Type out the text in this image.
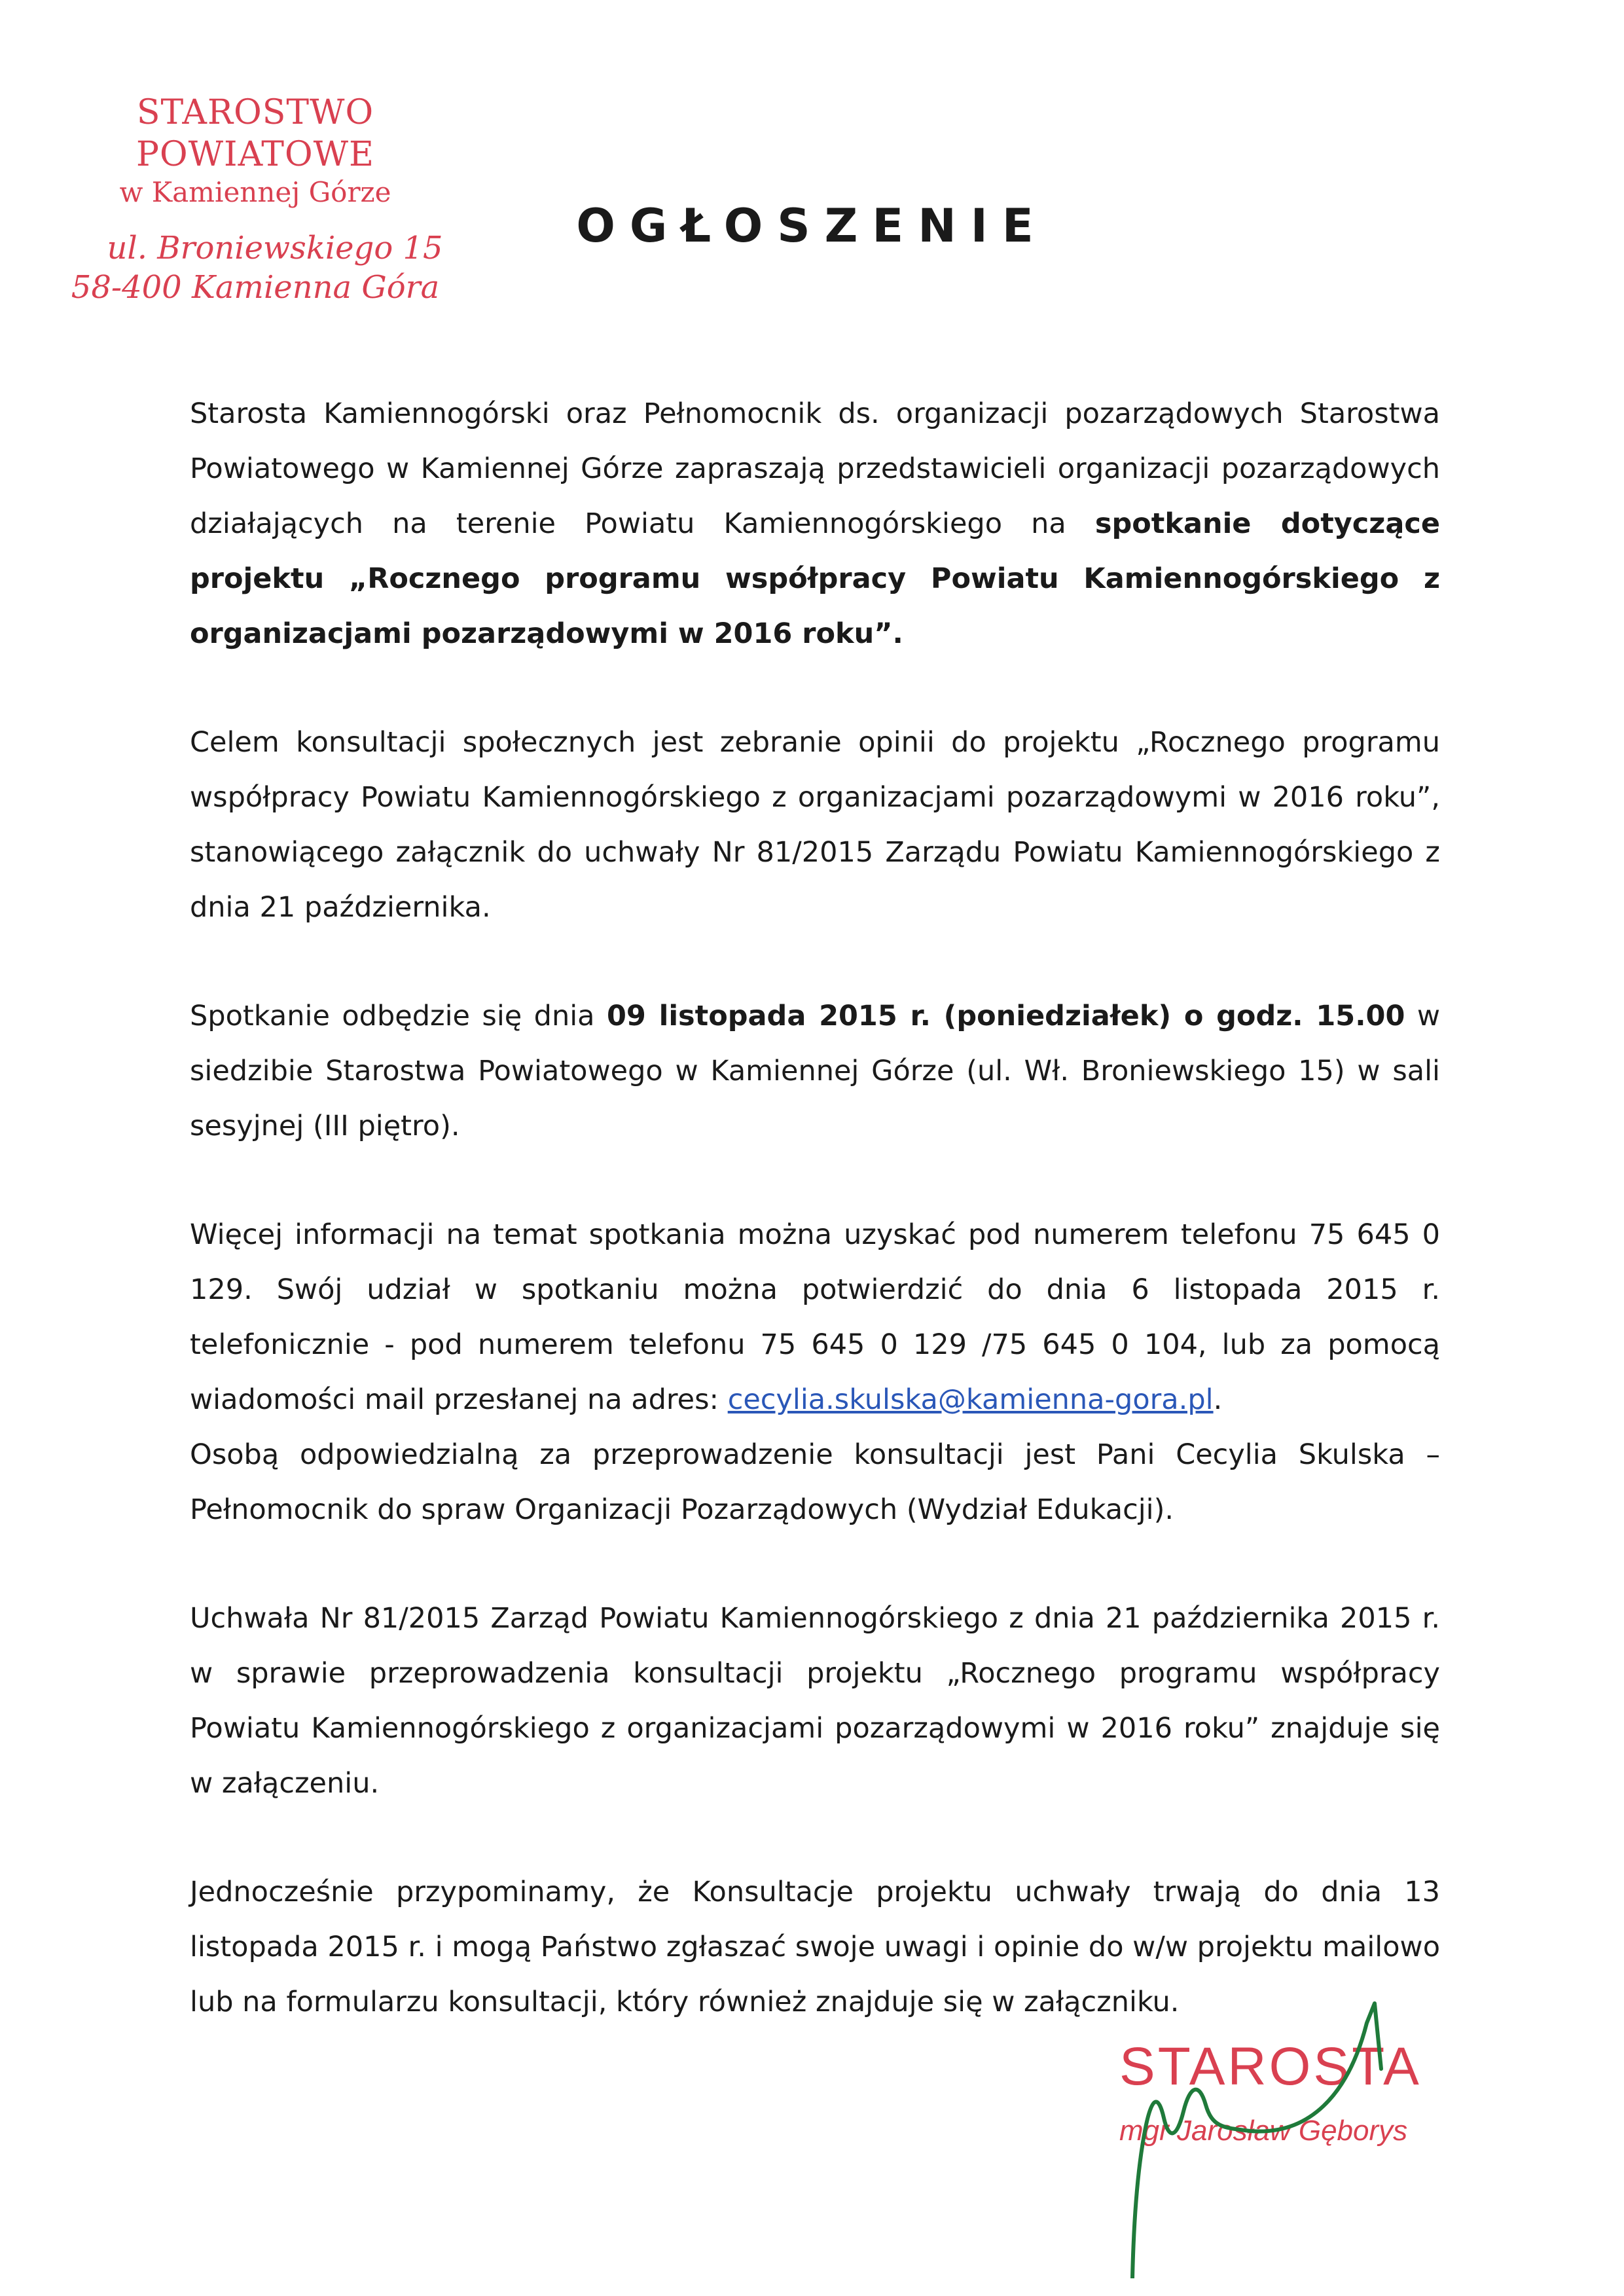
STAROSTWO POWIATOWE
w Kamiennej Górze
ul. Broniewskiego 15
58-400 Kamienna Góra
OGŁOSZENIE

Starosta Kamiennogórski oraz Pełnomocnik ds. organizacji pozarządowych Starostwa Powiatowego w Kamiennej Górze zapraszają przedstawicieli organizacji pozarządowych działających na terenie Powiatu Kamiennogórskiego na spotkanie dotyczące projektu „Rocznego programu współpracy Powiatu Kamiennogórskiego z organizacjami pozarządowymi w 2016 roku”.

Celem konsultacji społecznych jest zebranie opinii do projektu „Rocznego programu współpracy Powiatu Kamiennogórskiego z organizacjami pozarządowymi w 2016 roku”, stanowiącego załącznik do uchwały Nr 81/2015 Zarządu Powiatu Kamiennogórskiego z dnia 21 października.

Spotkanie odbędzie się dnia 09 listopada 2015 r. (poniedziałek) o godz. 15.00 w siedzibie Starostwa Powiatowego w Kamiennej Górze (ul. Wł. Broniewskiego 15) w sali sesyjnej (III piętro).

Więcej informacji na temat spotkania można uzyskać pod numerem telefonu 75 645 0 129. Swój udział w spotkaniu można potwierdzić do dnia 6 listopada 2015 r. telefonicznie - pod numerem telefonu 75 645 0 129 /75 645 0 104, lub za pomocą wiadomości mail przesłanej na adres: cecylia.skulska@kamienna-gora.pl.

Osobą odpowiedzialną za przeprowadzenie konsultacji jest Pani Cecylia Skulska – Pełnomocnik do spraw Organizacji Pozarządowych (Wydział Edukacji).

Uchwała Nr 81/2015 Zarząd Powiatu Kamiennogórskiego z dnia 21 października 2015 r. w sprawie przeprowadzenia konsultacji projektu „Rocznego programu współpracy Powiatu Kamiennogórskiego z organizacjami pozarządowymi w 2016 roku” znajduje się w załączeniu.

Jednocześnie przypominamy, że Konsultacje projektu uchwały trwają do dnia 13 listopada 2015 r. i mogą Państwo zgłaszać swoje uwagi i opinie do w/w projektu mailowo lub na formularzu konsultacji, który również znajduje się w załączniku.

STAROSTA
mgr Jarosław Gęborys
